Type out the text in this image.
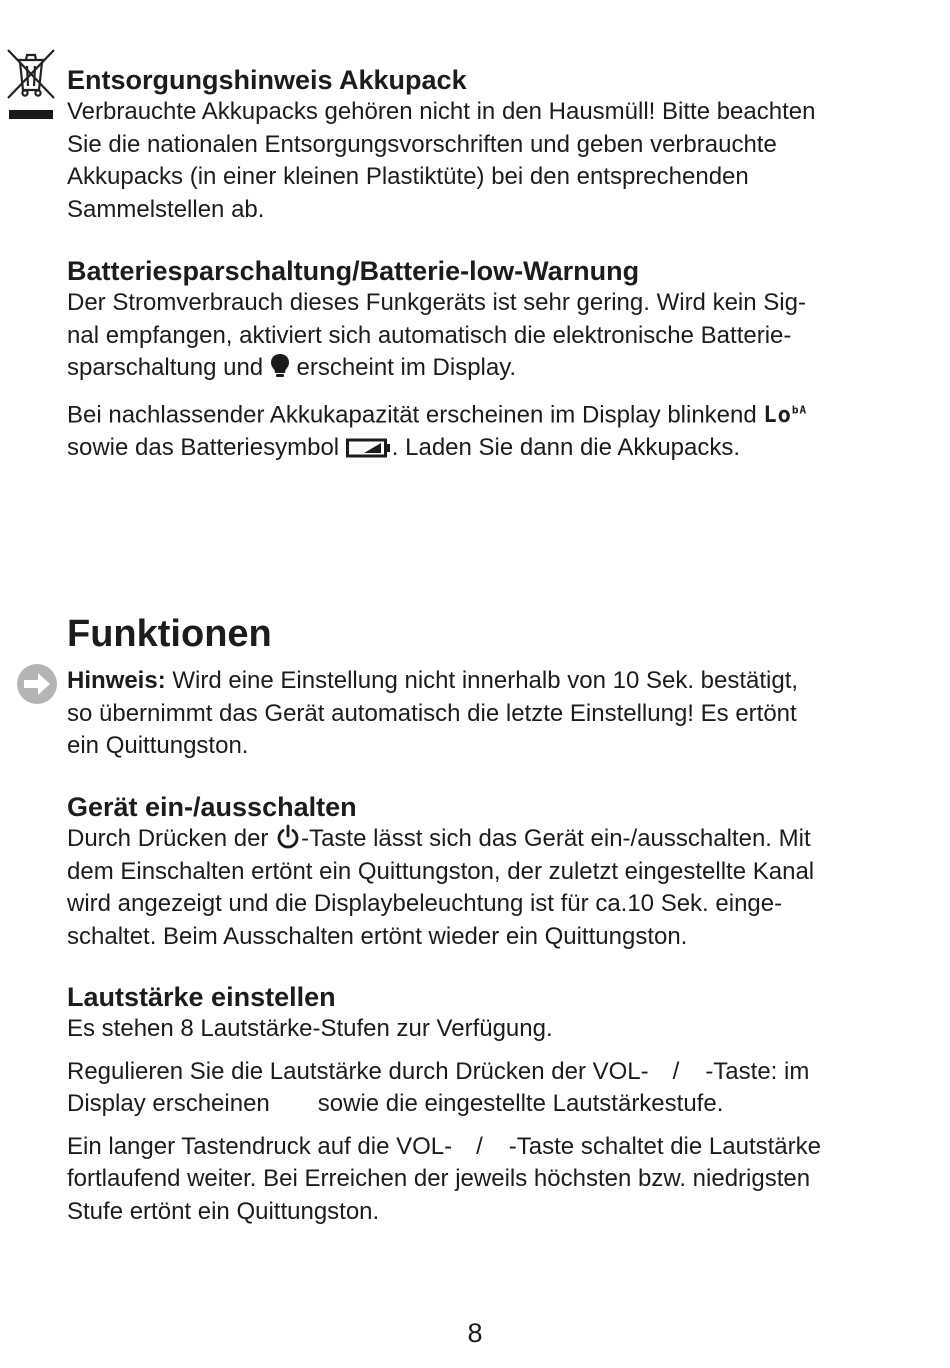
Entsorgungshinweis Akkupack

Verbrauchte Akkupacks gehören nicht in den Hausmüll! Bitte beachten
Sie die nationalen Entsorgungsvorschriften und geben verbrauchte
Akkupacks (in einer kleinen Plastiktüte) bei den entsprechenden
Sammelstellen ab.

Batteriesparschaltung/Batterie-low-Warnung

Der Stromverbrauch dieses Funkgeräts ist sehr gering. Wird kein Sig-
nal empfangen, aktiviert sich automatisch die elektronische Batterie-
sparschaltung und  erscheint im Display.

Bei nachlassender Akkukapazität erscheinen im Display blinkend $Lo^{bA}$
sowie das Batteriesymbol . Laden Sie dann die Akkupacks.

Funktionen

Hinweis: Wird eine Einstellung nicht innerhalb von 10 Sek. bestätigt,
so übernimmt das Gerät automatisch die letzte Einstellung! Es ertönt
ein Quittungston.

Gerät ein-/ausschalten

Durch Drücken der -Taste lässt sich das Gerät ein-/ausschalten. Mit
dem Einschalten ertönt ein Quittungston, der zuletzt eingestellte Kanal
wird angezeigt und die Displaybeleuchtung ist für ca.10 Sek. einge-
schaltet. Beim Ausschalten ertönt wieder ein Quittungston.

Lautstärke einstellen

Es stehen 8 Lautstärke-Stufen zur Verfügung.

Regulieren Sie die Lautstärke durch Drücken der VOL- / -Taste: im
Display erscheinen sowie die eingestellte Lautstärkestufe.

Ein langer Tastendruck auf die VOL- / -Taste schaltet die Lautstärke
fortlaufend weiter. Bei Erreichen der jeweils höchsten bzw. niedrigsten
Stufe ertönt ein Quittungston.

8
